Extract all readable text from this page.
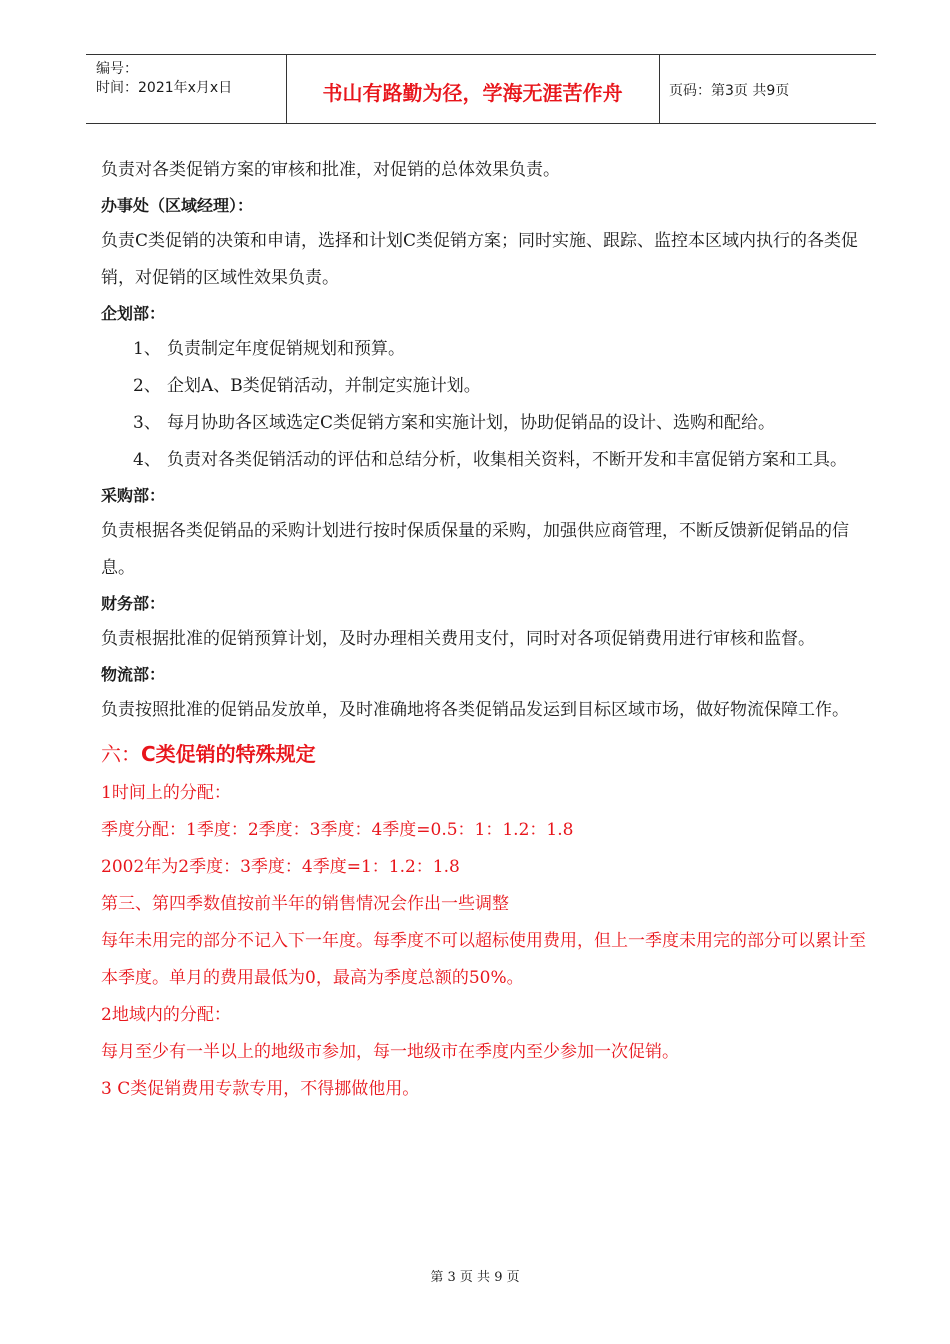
编号：
时间：2021年x月x日	书山有路勤为径，学海无涯苦作舟	页码：第3页 共9页

负责对各类促销方案的审核和批准，对促销的总体效果负责。

办事处（区域经理）：

负责C类促销的决策和申请，选择和计划C类促销方案；同时实施、跟踪、监控本区域内执行的各类促销，对促销的区域性效果负责。

企划部：

1、 负责制定年度促销规划和预算。
2、 企划A、B类促销活动，并制定实施计划。
3、 每月协助各区域选定C类促销方案和实施计划，协助促销品的设计、选购和配给。
4、 负责对各类促销活动的评估和总结分析，收集相关资料，不断开发和丰富促销方案和工具。

采购部：

负责根据各类促销品的采购计划进行按时保质保量的采购，加强供应商管理，不断反馈新促销品的信息。

财务部：

负责根据批准的促销预算计划，及时办理相关费用支付，同时对各项促销费用进行审核和监督。

物流部：

负责按照批准的促销品发放单，及时准确地将各类促销品发运到目标区域市场，做好物流保障工作。

六：C类促销的特殊规定

1时间上的分配：

季度分配：1季度：2季度：3季度：4季度=0.5：1：1.2：1.8

2002年为2季度：3季度：4季度=1：1.2：1.8

第三、第四季数值按前半年的销售情况会作出一些调整

每年未用完的部分不记入下一年度。每季度不可以超标使用费用，但上一季度未用完的部分可以累计至本季度。单月的费用最低为0，最高为季度总额的50%。

2地域内的分配：

每月至少有一半以上的地级市参加，每一地级市在季度内至少参加一次促销。

3 C类促销费用专款专用，不得挪做他用。

第 3 页 共 9 页
